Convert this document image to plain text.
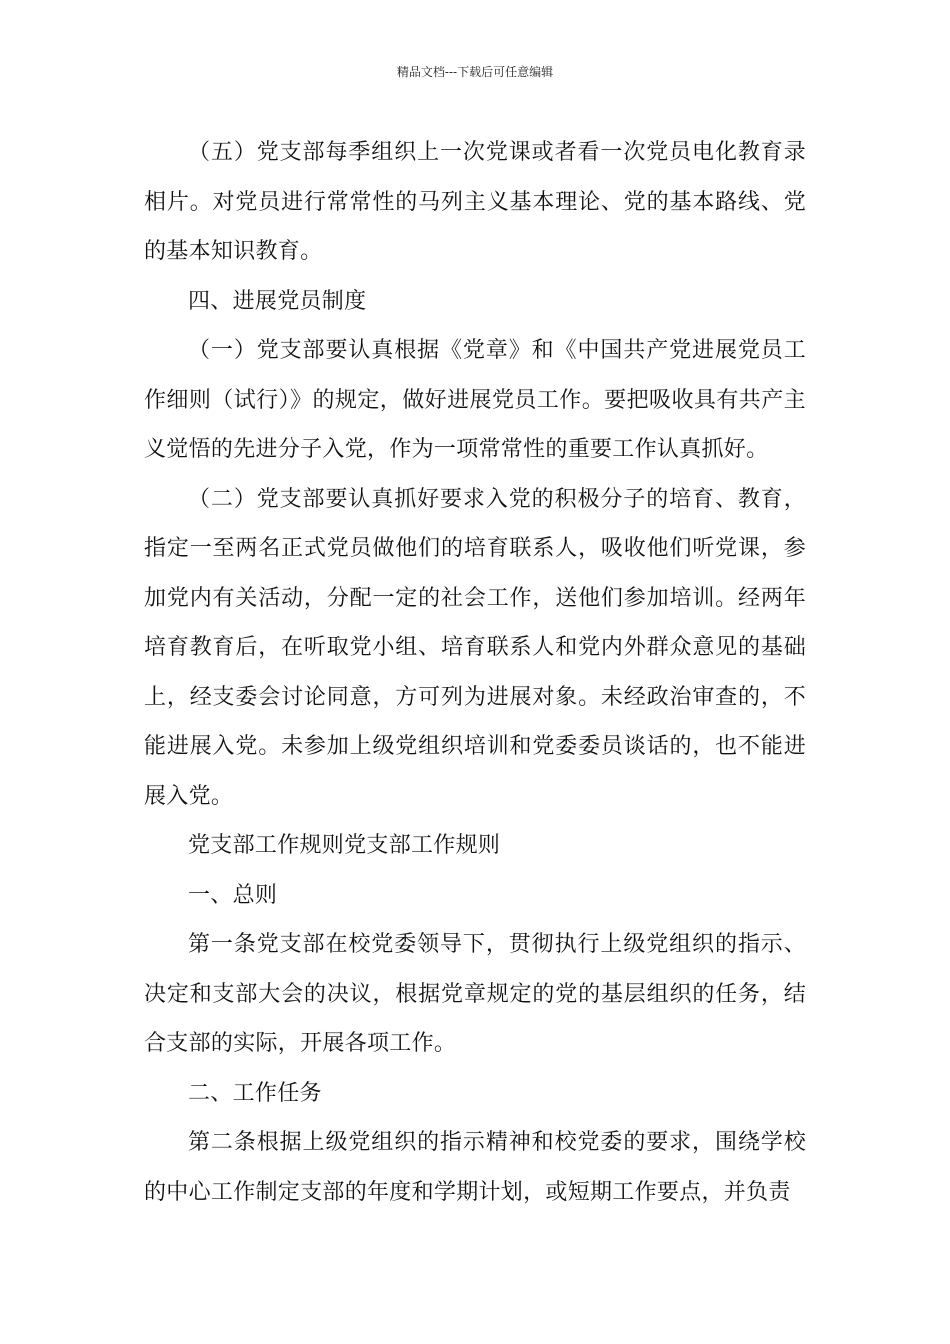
精品文档---下载后可任意编辑

（五）党支部每季组织上一次党课或者看一次党员电化教育录相片。对党员进行常常性的马列主义基本理论、党的基本路线、党的基本知识教育。

四、进展党员制度

（一）党支部要认真根据《党章》和《中国共产党进展党员工作细则（试行）》的规定，做好进展党员工作。要把吸收具有共产主义觉悟的先进分子入党，作为一项常常性的重要工作认真抓好。

（二）党支部要认真抓好要求入党的积极分子的培育、教育，指定一至两名正式党员做他们的培育联系人，吸收他们听党课，参加党内有关活动，分配一定的社会工作，送他们参加培训。经两年培育教育后，在听取党小组、培育联系人和党内外群众意见的基础上，经支委会讨论同意，方可列为进展对象。未经政治审查的，不能进展入党。未参加上级党组织培训和党委委员谈话的，也不能进展入党。

党支部工作规则党支部工作规则

一、总则

第一条党支部在校党委领导下，贯彻执行上级党组织的指示、决定和支部大会的决议，根据党章规定的党的基层组织的任务，结合支部的实际，开展各项工作。

二、工作任务

第二条根据上级党组织的指示精神和校党委的要求，围绕学校的中心工作制定支部的年度和学期计划，或短期工作要点，并负责
